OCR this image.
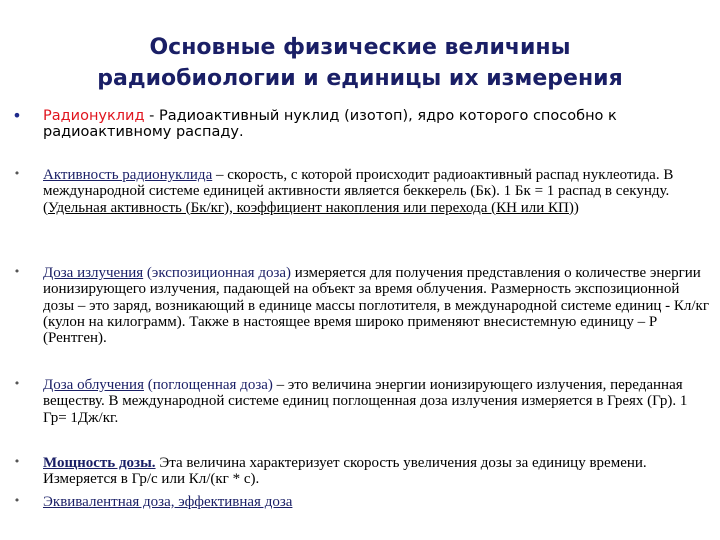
Основные физические величины
радиобиологии и единицы их измерения
• Радионуклид - Радиоактивный нуклид (изотоп), ядро которого способно к радиоактивному распаду.
• Активность радионуклида – скорость, с которой происходит радиоактивный распад нуклеотида. В международной системе единицей активности является беккерель (Бк). 1 Бк = 1 распад в секунду. (Удельная активность (Бк/кг), коэффициент накопления или перехода (КН или КП))
• Доза излучения (экспозиционная доза) измеряется для получения представления о количестве энергии ионизирующего излучения, падающей на объект за время облучения. Размерность экспозиционной дозы – это заряд, возникающий в единице массы поглотителя, в международной системе единиц - Кл/кг (кулон на килограмм). Также в настоящее время широко применяют внесистемную единицу – Р (Рентген).
• Доза облучения (поглощенная доза) – это величина энергии ионизирующего излучения, переданная веществу. В международной системе единиц поглощенная доза излучения измеряется в Греях (Гр). 1 Гр= 1Дж/кг.
• Мощность дозы. Эта величина характеризует скорость увеличения дозы за единицу времени. Измеряется в Гр/с или Кл/(кг * с).
• Эквивалентная доза, эффективная доза
